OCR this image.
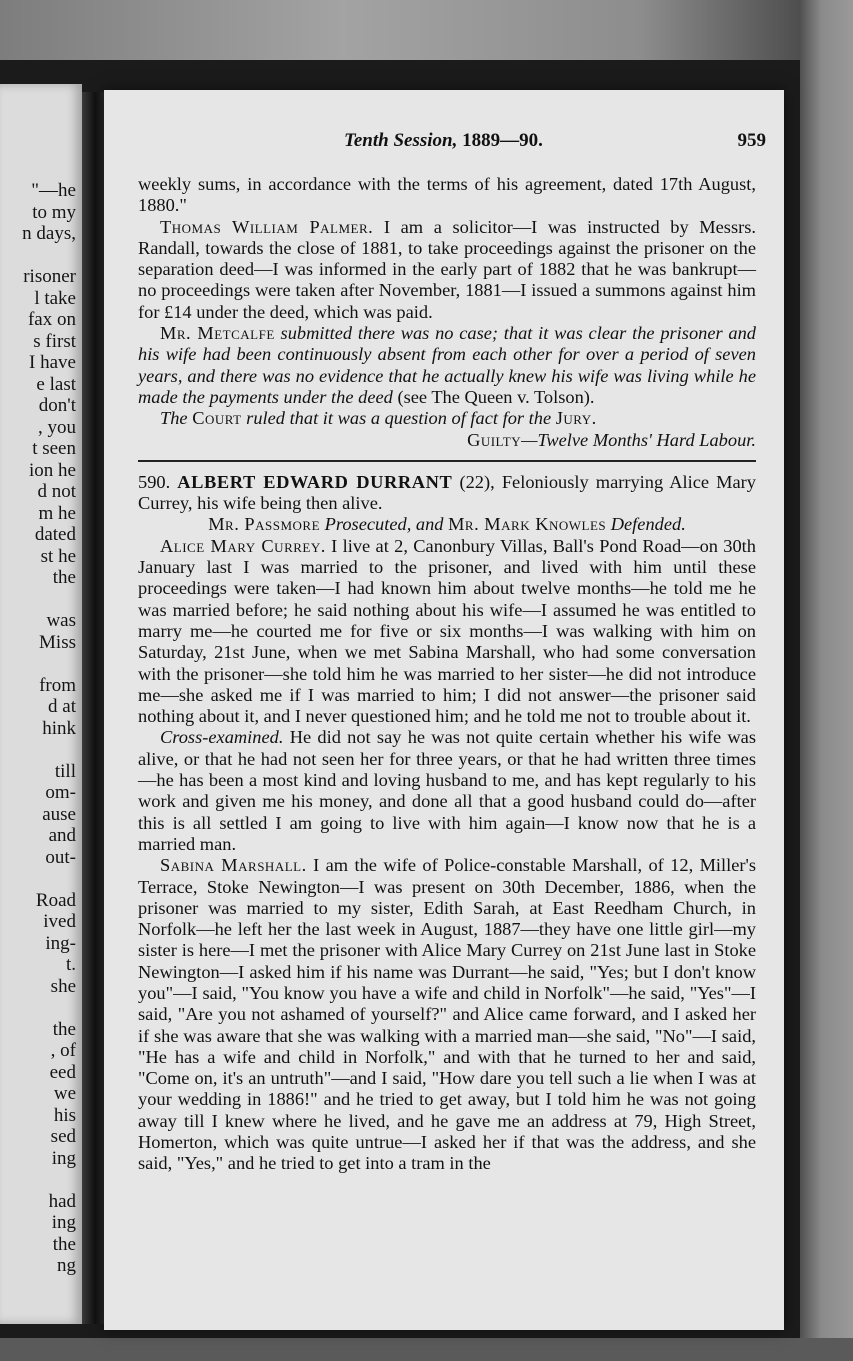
"—he
to my
n days,
risoner
l take
fax on
s first
I have
e last
don't
, you
t seen
ion he
d not
m he
dated
st he
the
was
Miss
from
d at
hink
till
om-
ause
and
out-
Road
ived
ing-
t.
she
the
, of
eed
we
his
sed
ing
had
ing
the
ng
Tenth Session, 1889—90.	959

weekly sums, in accordance with the terms of his agreement, dated 17th August, 1880."

Thomas William Palmer. I am a solicitor—I was instructed by Messrs. Randall, towards the close of 1881, to take proceedings against the prisoner on the separation deed—I was informed in the early part of 1882 that he was bankrupt—no proceedings were taken after November, 1881—I issued a summons against him for £14 under the deed, which was paid.

Mr. Metcalfe submitted there was no case; that it was clear the prisoner and his wife had been continuously absent from each other for over a period of seven years, and there was no evidence that he actually knew his wife was living while he made the payments under the deed (see The Queen v. Tolson).

The Court ruled that it was a question of fact for the Jury.

Guilty—Twelve Months' Hard Labour.

590. ALBERT EDWARD DURRANT (22), Feloniously marrying Alice Mary Currey, his wife being then alive.

Mr. Passmore Prosecuted, and Mr. Mark Knowles Defended.

Alice Mary Currey. I live at 2, Canonbury Villas, Ball's Pond Road—on 30th January last I was married to the prisoner, and lived with him until these proceedings were taken—I had known him about twelve months—he told me he was married before; he said nothing about his wife—I assumed he was entitled to marry me—he courted me for five or six months—I was walking with him on Saturday, 21st June, when we met Sabina Marshall, who had some conversation with the prisoner—she told him he was married to her sister—he did not introduce me—she asked me if I was married to him; I did not answer—the prisoner said nothing about it, and I never questioned him; and he told me not to trouble about it.

Cross-examined. He did not say he was not quite certain whether his wife was alive, or that he had not seen her for three years, or that he had written three times—he has been a most kind and loving husband to me, and has kept regularly to his work and given me his money, and done all that a good husband could do—after this is all settled I am going to live with him again—I know now that he is a married man.

Sabina Marshall. I am the wife of Police-constable Marshall, of 12, Miller's Terrace, Stoke Newington—I was present on 30th December, 1886, when the prisoner was married to my sister, Edith Sarah, at East Reedham Church, in Norfolk—he left her the last week in August, 1887—they have one little girl—my sister is here—I met the prisoner with Alice Mary Currey on 21st June last in Stoke Newington—I asked him if his name was Durrant—he said, "Yes; but I don't know you"—I said, "You know you have a wife and child in Norfolk"—he said, "Yes"—I said, "Are you not ashamed of yourself?" and Alice came forward, and I asked her if she was aware that she was walking with a married man—she said, "No"—I said, "He has a wife and child in Norfolk," and with that he turned to her and said, "Come on, it's an untruth"—and I said, "How dare you tell such a lie when I was at your wedding in 1886!" and he tried to get away, but I told him he was not going away till I knew where he lived, and he gave me an address at 79, High Street, Homerton, which was quite untrue—I asked her if that was the address, and she said, "Yes," and he tried to get into a tram in the
